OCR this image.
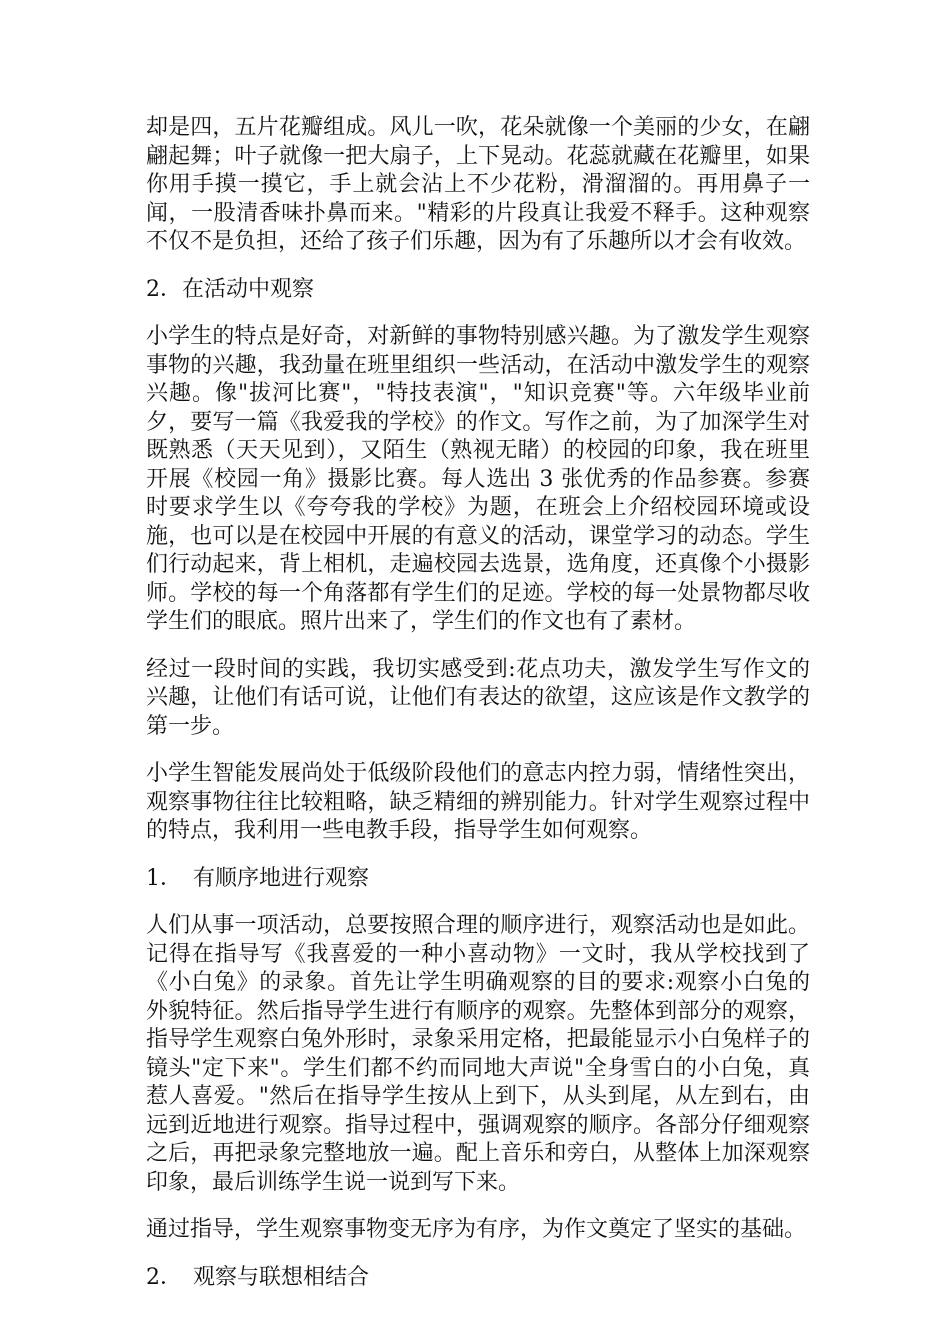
却是四，五片花瓣组成。风儿一吹，花朵就像一个美丽的少女，在翩翩起舞；叶子就像一把大扇子，上下晃动。花蕊就藏在花瓣里，如果你用手摸一摸它，手上就会沾上不少花粉，滑溜溜的。再用鼻子一闻，一股清香味扑鼻而来。"精彩的片段真让我爱不释手。这种观察不仅不是负担，还给了孩子们乐趣，因为有了乐趣所以才会有收效。

2．在活动中观察

小学生的特点是好奇，对新鲜的事物特别感兴趣。为了激发学生观察事物的兴趣，我劲量在班里组织一些活动，在活动中激发学生的观察兴趣。像"拔河比赛"，"特技表演"，"知识竞赛"等。六年级毕业前夕，要写一篇《我爱我的学校》的作文。写作之前，为了加深学生对既熟悉（天天见到），又陌生（熟视无睹）的校园的印象，我在班里开展《校园一角》摄影比赛。每人选出 3 张优秀的作品参赛。参赛时要求学生以《夸夸我的学校》为题，在班会上介绍校园环境或设施，也可以是在校园中开展的有意义的活动，课堂学习的动态。学生们行动起来，背上相机，走遍校园去选景，选角度，还真像个小摄影师。学校的每一个角落都有学生们的足迹。学校的每一处景物都尽收学生们的眼底。照片出来了，学生们的作文也有了素材。

经过一段时间的实践，我切实感受到:花点功夫，激发学生写作文的兴趣，让他们有话可说，让他们有表达的欲望，这应该是作文教学的第一步。

小学生智能发展尚处于低级阶段他们的意志内控力弱，情绪性突出，观察事物往往比较粗略，缺乏精细的辨别能力。针对学生观察过程中的特点，我利用一些电教手段，指导学生如何观察。

1．　有顺序地进行观察

人们从事一项活动，总要按照合理的顺序进行，观察活动也是如此。记得在指导写《我喜爱的一种小喜动物》一文时，我从学校找到了《小白兔》的录象。首先让学生明确观察的目的要求:观察小白兔的外貌特征。然后指导学生进行有顺序的观察。先整体到部分的观察，指导学生观察白兔外形时，录象采用定格，把最能显示小白兔样子的镜头"定下来"。学生们都不约而同地大声说"全身雪白的小白兔，真惹人喜爱。"然后在指导学生按从上到下，从头到尾，从左到右，由远到近地进行观察。指导过程中，强调观察的顺序。各部分仔细观察之后，再把录象完整地放一遍。配上音乐和旁白，从整体上加深观察印象，最后训练学生说一说到写下来。

通过指导，学生观察事物变无序为有序，为作文奠定了坚实的基础。

2．　观察与联想相结合
